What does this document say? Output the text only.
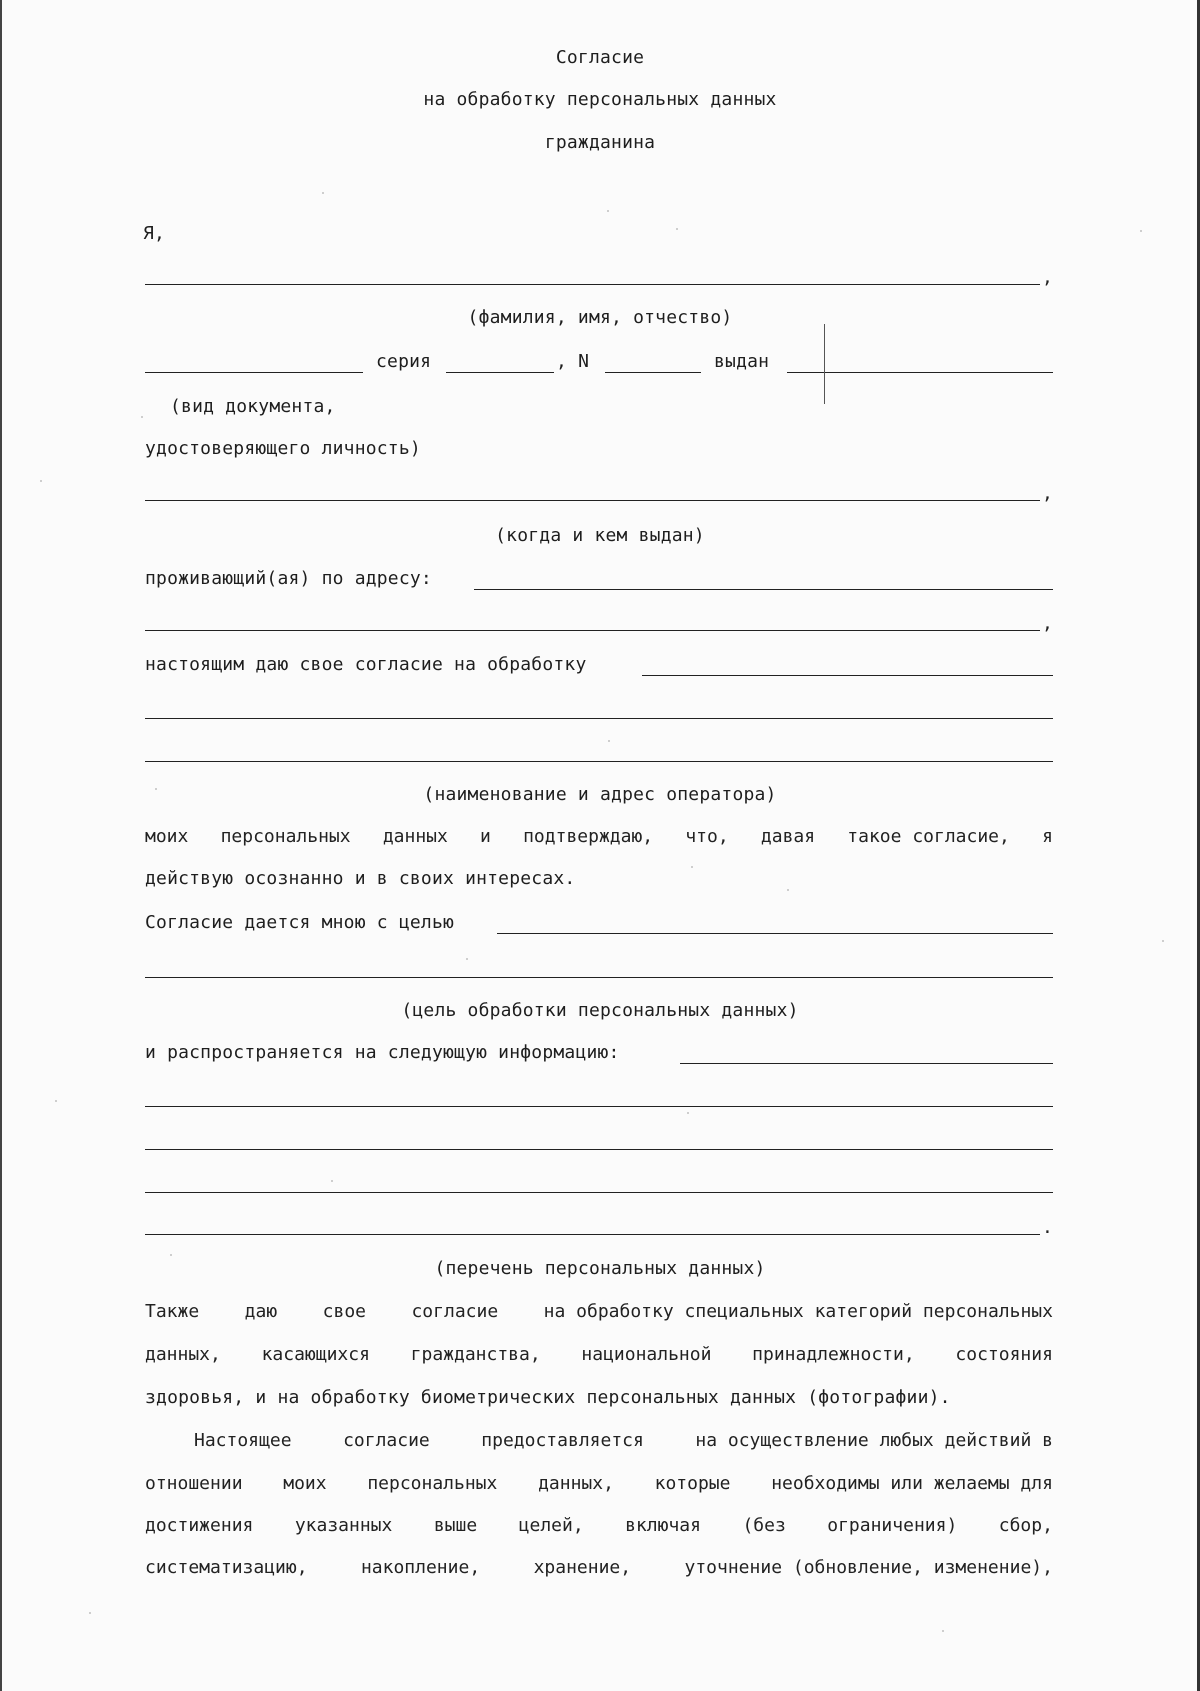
Согласие
на обработку персональных данных
гражданина
Я,
,
(фамилия, имя, отчество)
серия	, N	выдан
(вид документа,
удостоверяющего личность)
,
(когда и кем выдан)
проживающий(ая) по адресу:
,
настоящим даю свое согласие на обработку
(наименование и адрес оператора)
моих персональных данных и подтверждаю, что, давая такое согласие, я
действую осознанно и в своих интересах.
Согласие дается мною с целью
(цель обработки персональных данных)
и распространяется на следующую информацию:
.
(перечень персональных данных)
Также	даю	свое	согласие	на обработку специальных категорий персональных
данных, касающихся гражданства, национальной принадлежности, состояния
здоровья, и на обработку биометрических персональных данных (фотографии).
Настоящее	согласие	предоставляется	на осуществление любых действий в
отношении моих персональных данных, которые необходимы или желаемы для
достижения указанных выше целей, включая (без ограничения) сбор,
систематизацию,	накопление,	хранение,	уточнение (обновление, изменение),
